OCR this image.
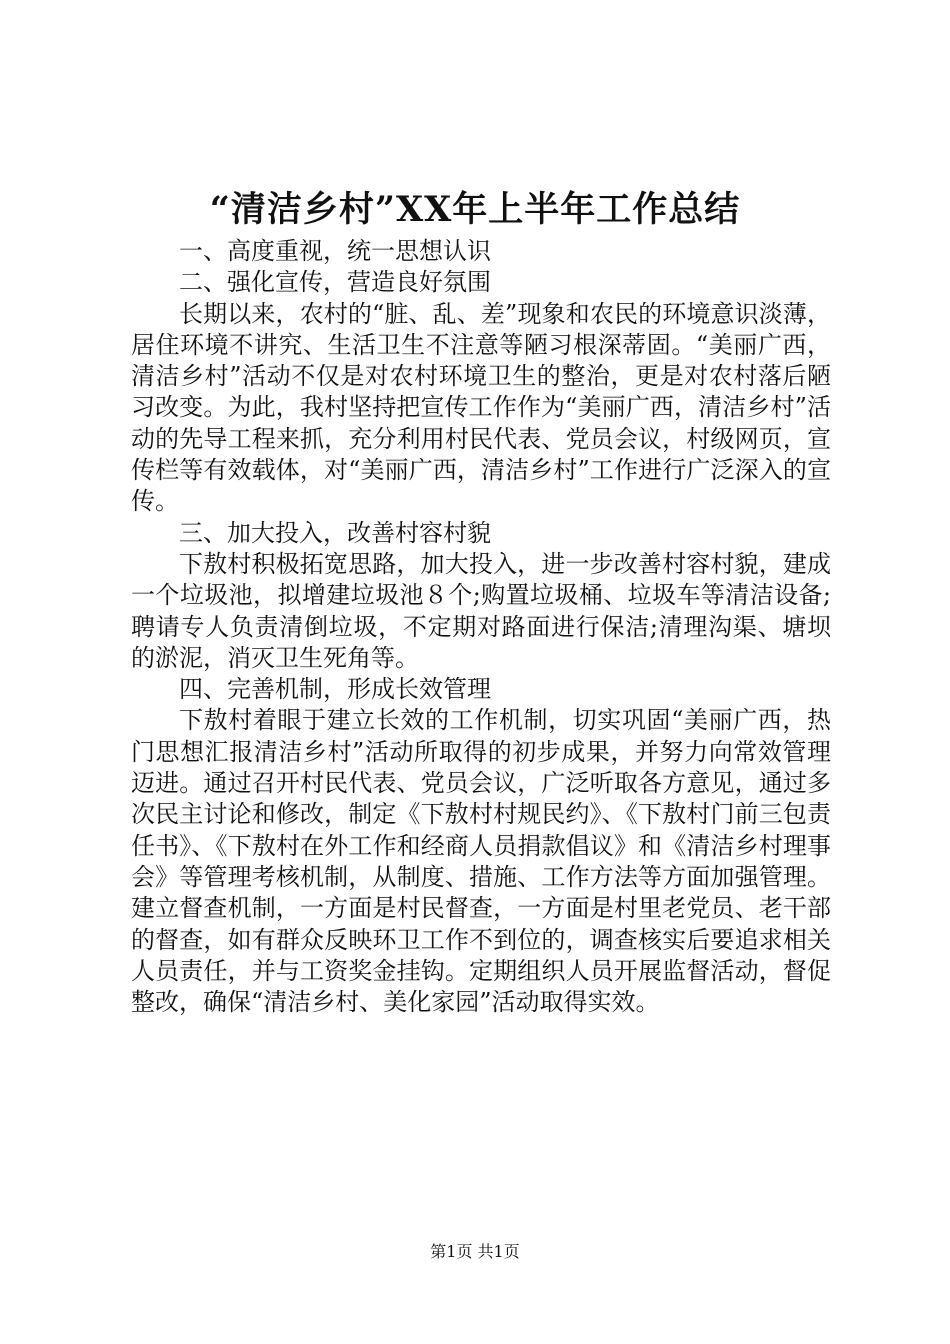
“清洁乡村”XX年上半年工作总结

一、高度重视，统一思想认识

二、强化宣传，营造良好氛围

长期以来，农村的“脏、乱、差”现象和农民的环境意识淡薄，居住环境不讲究、生活卫生不注意等陋习根深蒂固。“美丽广西，清洁乡村”活动不仅是对农村环境卫生的整治，更是对农村落后陋习改变。为此，我村坚持把宣传工作作为“美丽广西，清洁乡村”活动的先导工程来抓，充分利用村民代表、党员会议，村级网页，宣传栏等有效载体，对“美丽广西，清洁乡村”工作进行广泛深入的宣传。

三、加大投入，改善村容村貌

下敖村积极拓宽思路，加大投入，进一步改善村容村貌，建成一个垃圾池，拟增建垃圾池８个;购置垃圾桶、垃圾车等清洁设备;聘请专人负责清倒垃圾，不定期对路面进行保洁;清理沟渠、塘坝的淤泥，消灭卫生死角等。

四、完善机制，形成长效管理

下敖村着眼于建立长效的工作机制，切实巩固“美丽广西，热门思想汇报清洁乡村”活动所取得的初步成果，并努力向常效管理迈进。通过召开村民代表、党员会议，广泛听取各方意见，通过多次民主讨论和修改，制定《下敖村村规民约》、《下敖村门前三包责任书》、《下敖村在外工作和经商人员捐款倡议》和《清洁乡村理事会》等管理考核机制，从制度、措施、工作方法等方面加强管理。建立督查机制，一方面是村民督查，一方面是村里老党员、老干部的督查，如有群众反映环卫工作不到位的，调查核实后要追求相关人员责任，并与工资奖金挂钩。定期组织人员开展监督活动，督促整改，确保“清洁乡村、美化家园”活动取得实效。

第1页 共1页
